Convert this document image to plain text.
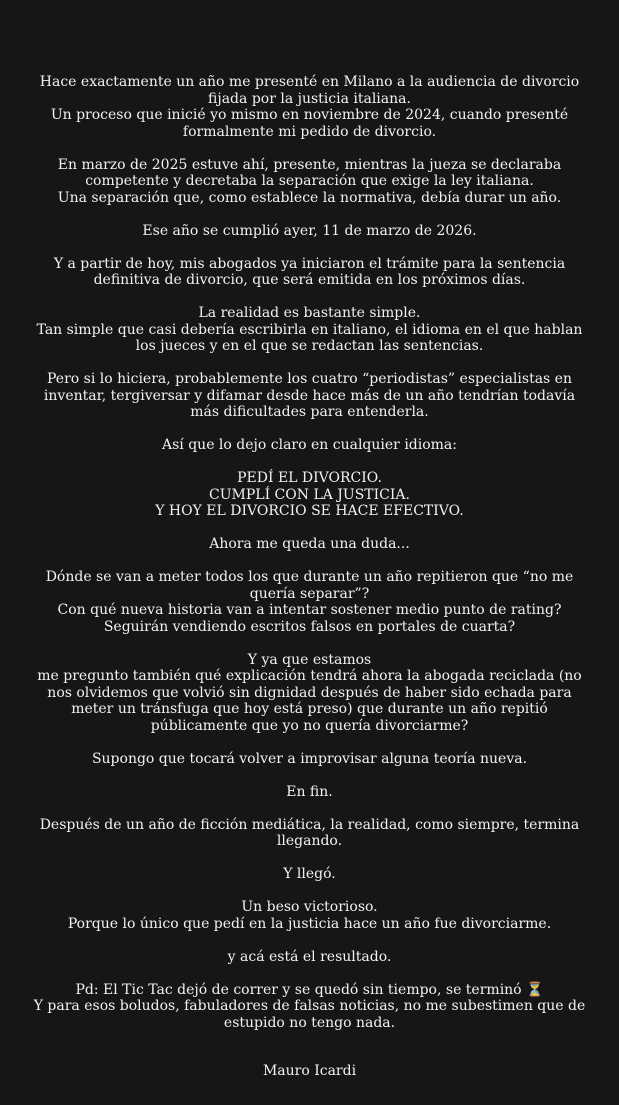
Hace exactamente un año me presenté en Milano a la audiencia de divorcio
fijada por la justicia italiana.
Un proceso que inicié yo mismo en noviembre de 2024, cuando presenté
formalmente mi pedido de divorcio.
En marzo de 2025 estuve ahí, presente, mientras la jueza se declaraba
competente y decretaba la separación que exige la ley italiana.
Una separación que, como establece la normativa, debía durar un año.
Ese año se cumplió ayer, 11 de marzo de 2026.
Y a partir de hoy, mis abogados ya iniciaron el trámite para la sentencia
definitiva de divorcio, que será emitida en los próximos días.
La realidad es bastante simple.
Tan simple que casi debería escribirla en italiano, el idioma en el que hablan
los jueces y en el que se redactan las sentencias.
Pero si lo hiciera, probablemente los cuatro “periodistas” especialistas en
inventar, tergiversar y difamar desde hace más de un año tendrían todavía
más dificultades para entenderla.
Así que lo dejo claro en cualquier idioma:
PEDÍ EL DIVORCIO.
CUMPLÍ CON LA JUSTICIA.
Y HOY EL DIVORCIO SE HACE EFECTIVO.
Ahora me queda una duda...
Dónde se van a meter todos los que durante un año repitieron que “no me
quería separar”?
Con qué nueva historia van a intentar sostener medio punto de rating?
Seguirán vendiendo escritos falsos en portales de cuarta?
Y ya que estamos
me pregunto también qué explicación tendrá ahora la abogada reciclada (no
nos olvidemos que volvió sin dignidad después de haber sido echada para
meter un tránsfuga que hoy está preso) que durante un año repitió
públicamente que yo no quería divorciarme?
Supongo que tocará volver a improvisar alguna teoría nueva.
En fin.
Después de un año de ficción mediática, la realidad, como siempre, termina
llegando.
Y llegó.
Un beso victorioso.
Porque lo único que pedí en la justicia hace un año fue divorciarme.
y acá está el resultado.
Pd: El Tic Tac dejó de correr y se quedó sin tiempo, se terminó ⏳
Y para esos boludos, fabuladores de falsas noticias, no me subestimen que de
estupido no tengo nada.
Mauro Icardi
